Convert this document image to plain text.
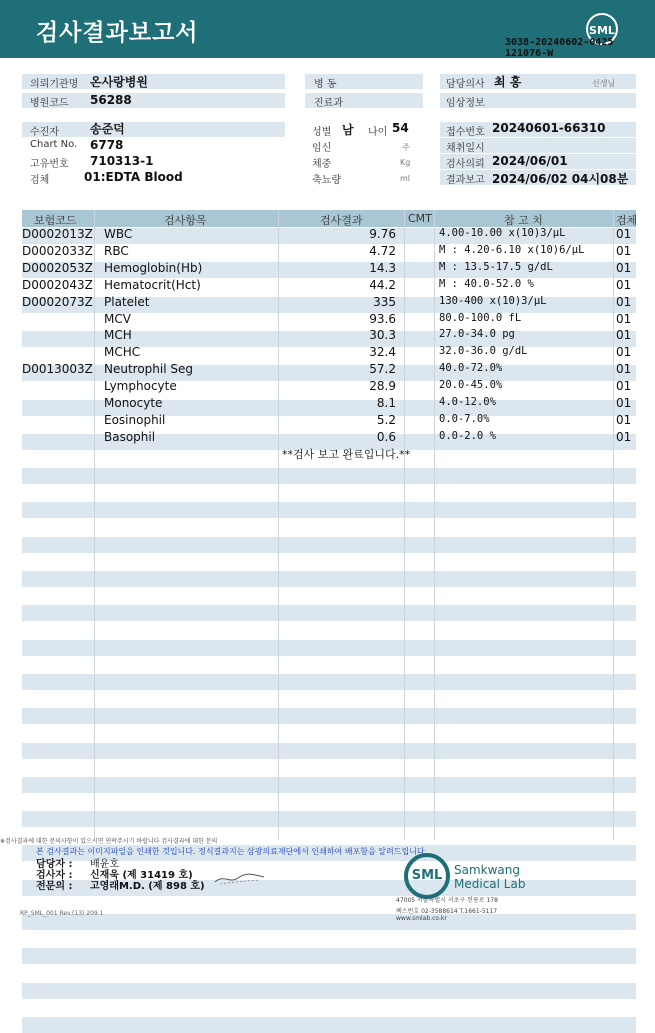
검사결과보고서	SML
3038-20240602-0425
121076-W
의뢰기관명 온사랑병원
병원코드 56288
병 동
진료과
담당의사 최 홍	선생님
임상정보
수진자	송준덕	성별 남 나이 54	접수번호 20240601-66310
Chart No. 6778	임신	주	채취일시
고유번호 710313-1	체중	Kg	검사의뢰 2024/06/01
검체	01:EDTA Blood	축뇨량	ml	결과보고 2024/06/02 04시08분
보험코드	검사항목	검사결과	CMT	참 고 치	검체
D0002013Z WBC	9.76	4.00-10.00 x(10)3/μL	01
D0002033Z RBC	4.72	M : 4.20-6.10 x(10)6/μL	01
D0002053Z Hemoglobin(Hb)	14.3	M : 13.5-17.5 g/dL	01
D0002043Z Hematocrit(Hct)	44.2	M : 40.0-52.0 %	01
D0002073Z Platelet	335	130-400 x(10)3/μL	01
MCV	93.6	80.0-100.0 fL	01
MCH	30.3	27.0-34.0 pg	01
MCHC	32.4	32.0-36.0 g/dL	01
D0013003Z Neutrophil Seg	57.2	40.0-72.0%	01
Lymphocyte	28.9	20.0-45.0%	01
Monocyte	8.1	4.0-12.0%	01
Eosinophil	5.2	0.0-7.0%	01
Basophil	0.6	0.0-2.0 %	01
**검사 보고 완료입니다.**
※검사결과에 대한 문의사항이 있으시면 연락주시기 바랍니다 검사결과에 대한 문의
본 검사결과는 이미지파일을 인쇄한 것입니다. 정식결과지는 삼광의료재단에서 인쇄하여 배포함을 알려드립니다.
담당자 : 배윤호
검사자 : 신재욱 (제 31419 호)
전문의 : 고영래M.D. (제 898 호)
SML Samkwang
Medical Lab
47005 서울특별시 서초구 헌릉로 178
팩스번호 02-3588614 T.1661-5117 www.smlab.co.kr
RP_SML_001 Rev.(13) 209.1
